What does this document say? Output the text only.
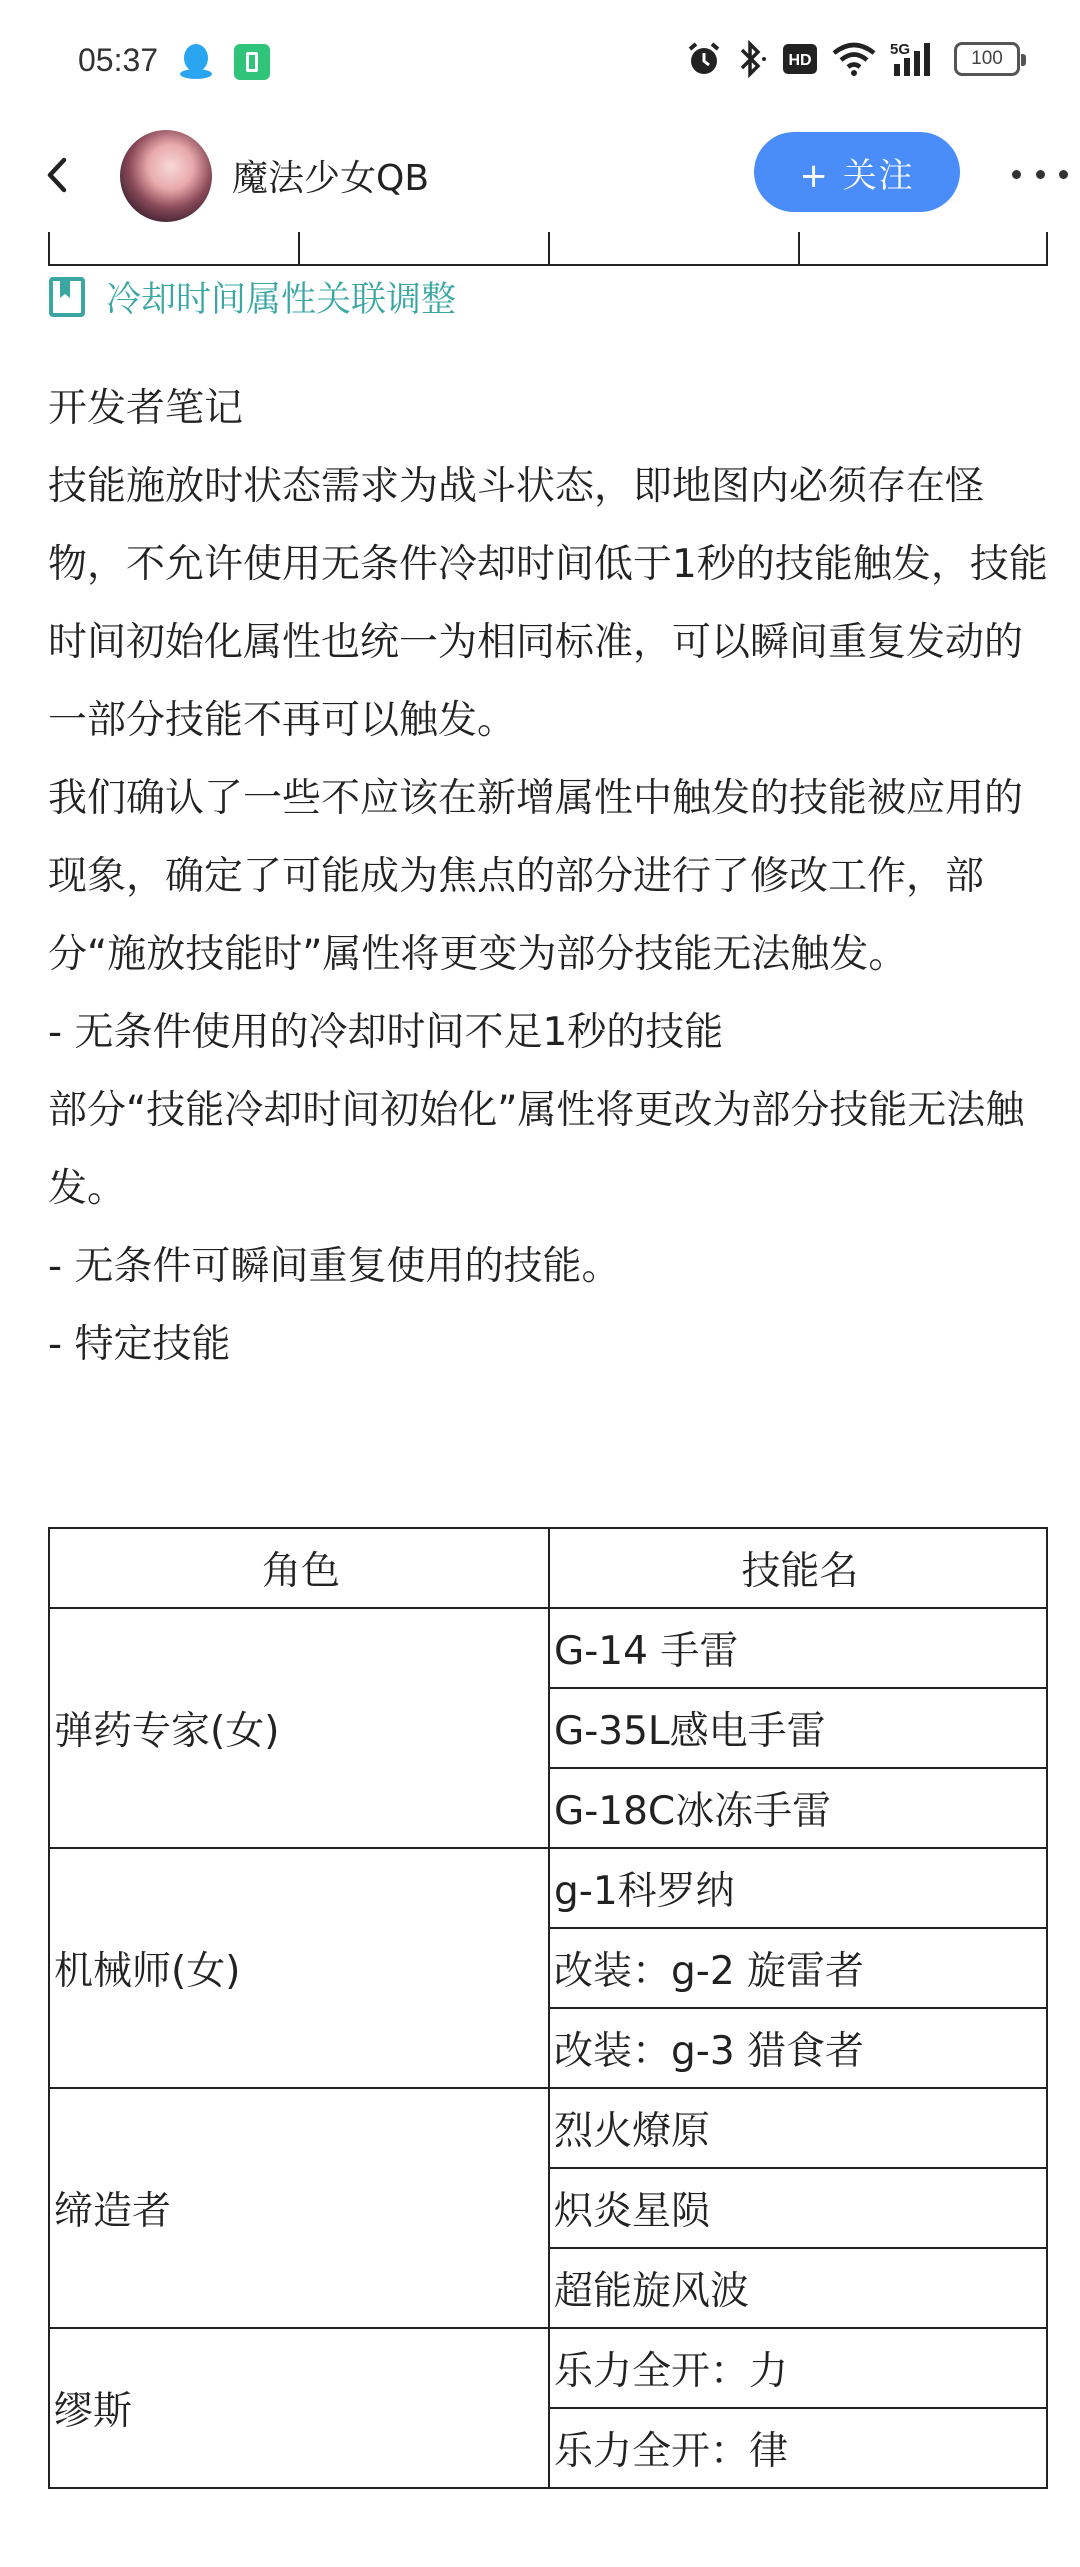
05:37	HD
5G	100
魔法少女QB	+ 关注
冷却时间属性关联调整

开发者笔记

技能施放时状态需求为战斗状态，即地图内必须存在怪物，不允许使用无条件冷却时间低于1秒的技能触发，技能时间初始化属性也统一为相同标准，可以瞬间重复发动的一部分技能不再可以触发。

我们确认了一些不应该在新增属性中触发的技能被应用的现象，确定了可能成为焦点的部分进行了修改工作，部分“施放技能时”属性将更变为部分技能无法触发。

- 无条件使用的冷却时间不足1秒的技能

部分“技能冷却时间初始化”属性将更改为部分技能无法触发。

- 无条件可瞬间重复使用的技能。

- 特定技能

角色	技能名
弹药专家(女)	G-14 手雷
	G-35L感电手雷
	G-18C冰冻手雷
机械师(女)	g-1科罗纳
	改装：g-2 旋雷者
	改装：g-3 猎食者
缔造者	烈火燎原
	炽炎星陨
	超能旋风波
缪斯	乐力全开：力
	乐力全开：律
